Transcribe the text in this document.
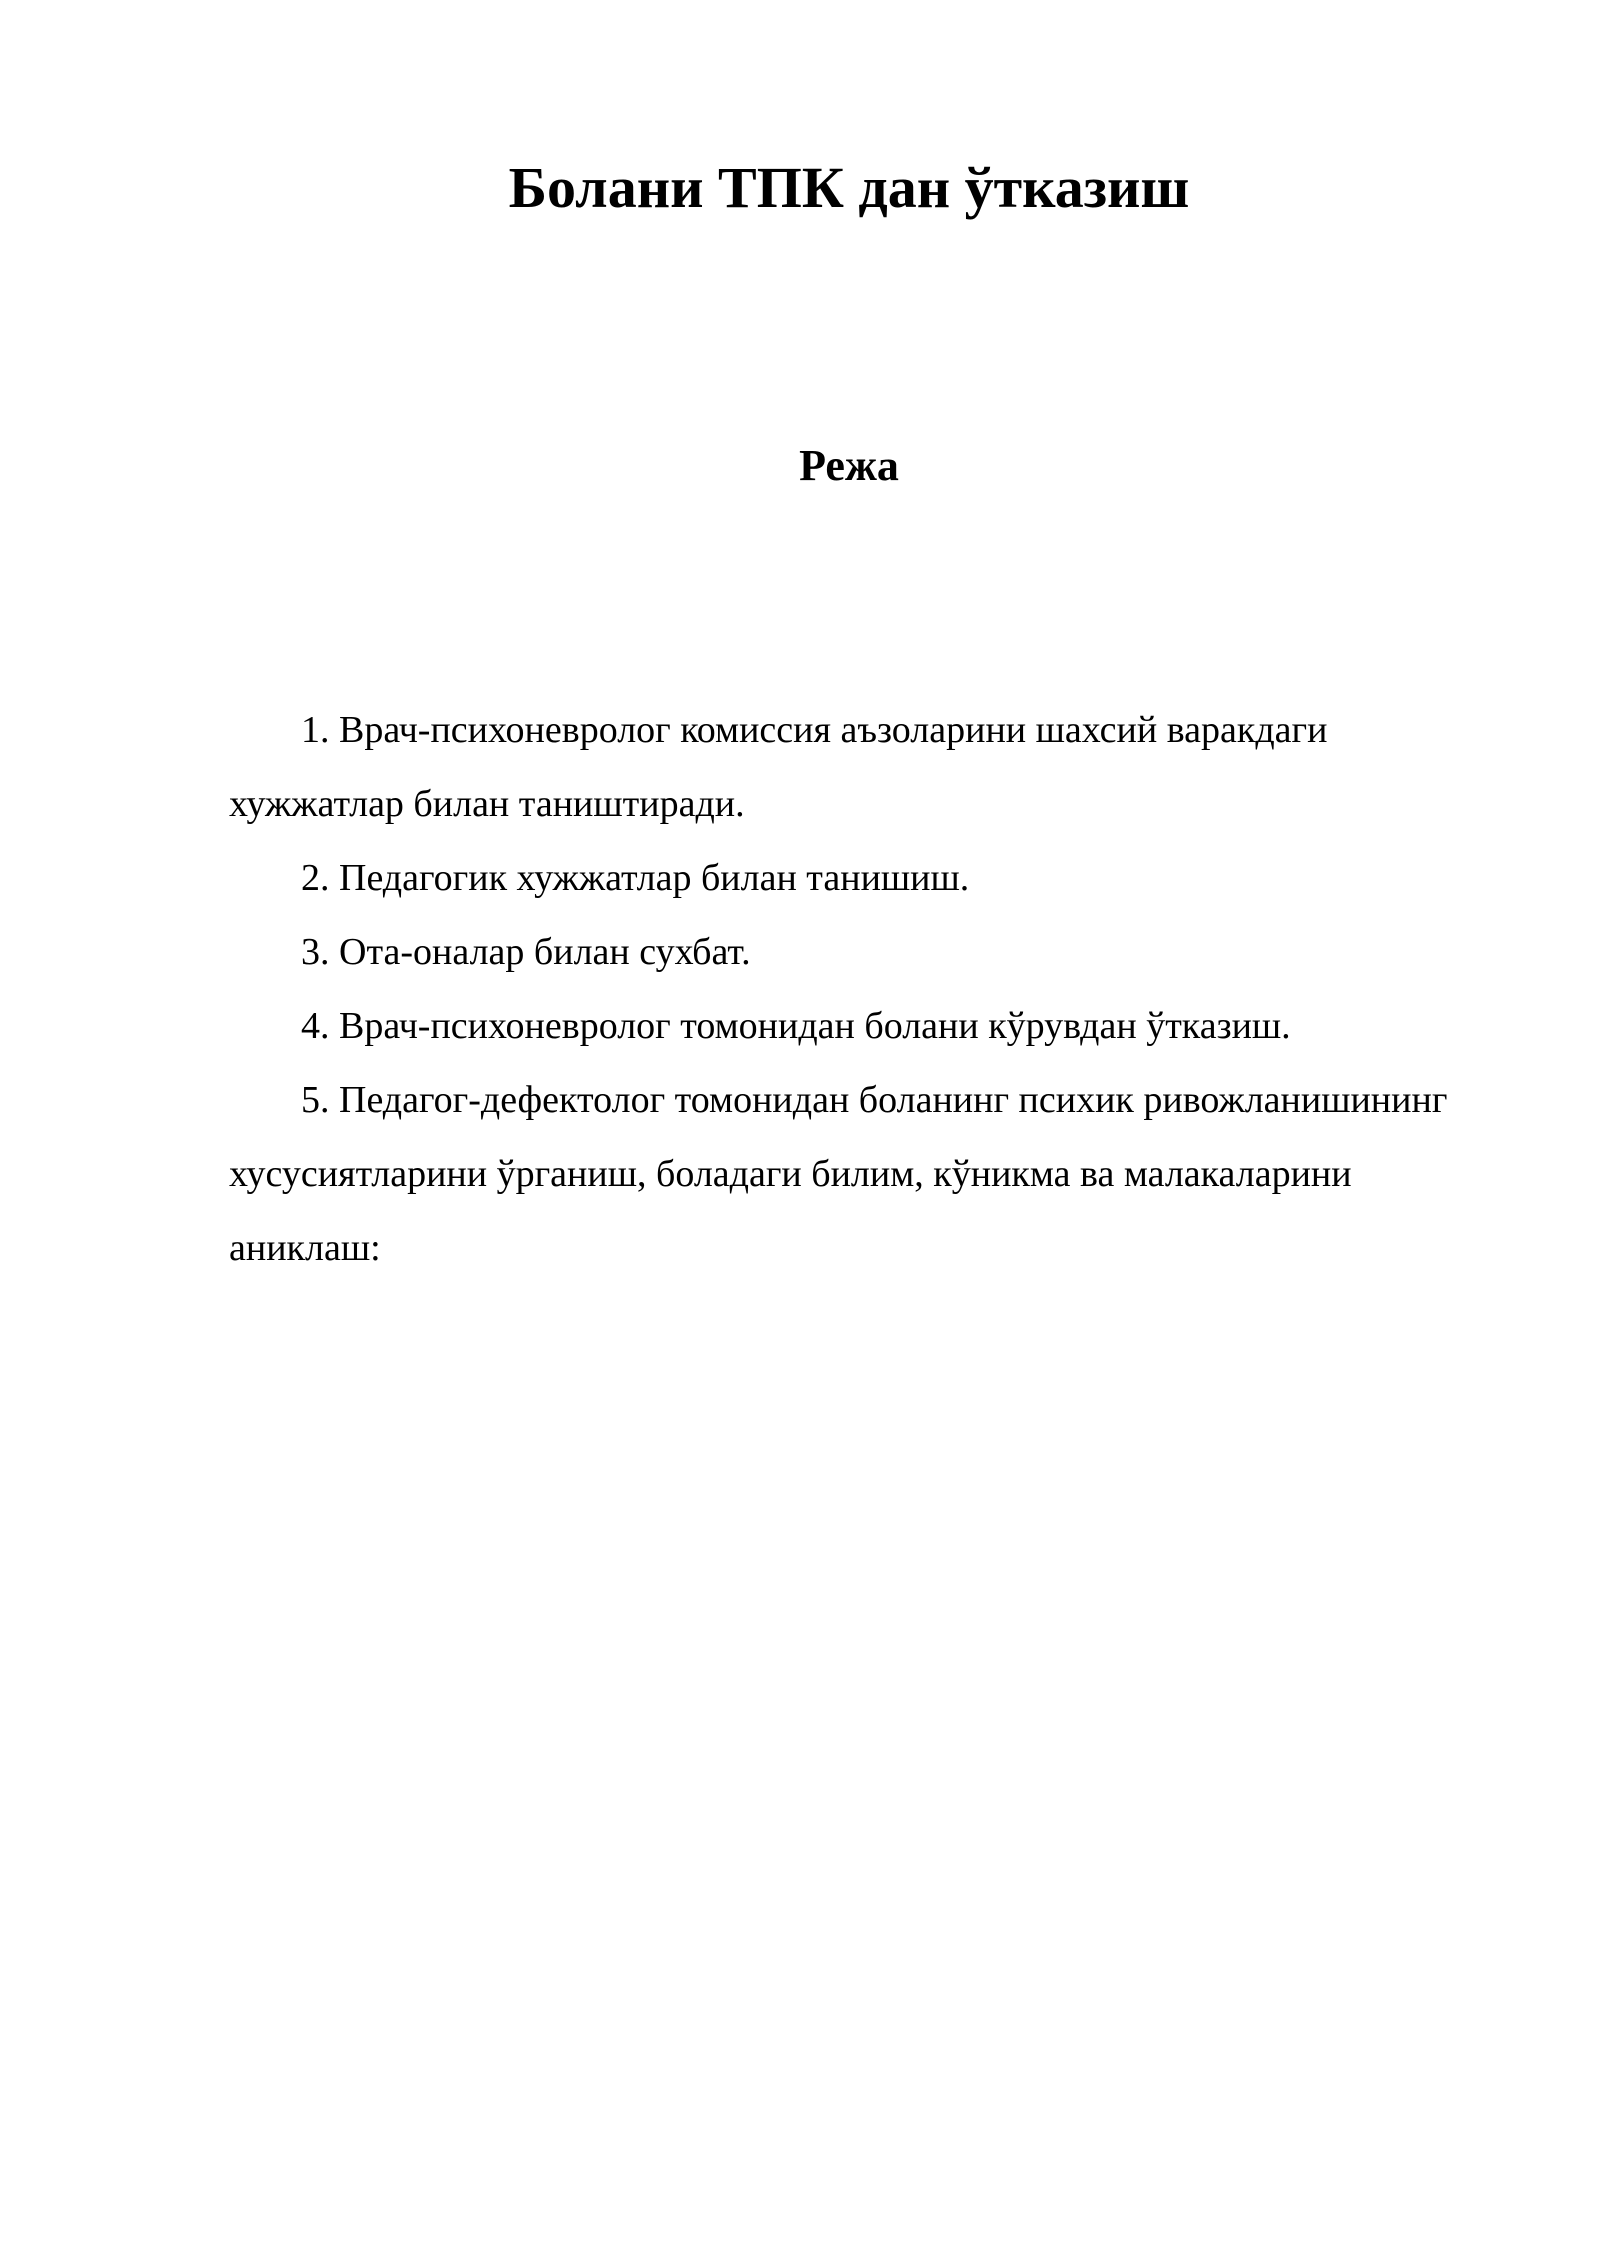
Болани ТПК дан ўтказиш
Режа
1. Врач-психоневролог комиссия аъзоларини шахсий варакдаги хужжатлар билан таништиради.
2. Педагогик хужжатлар билан танишиш.
3. Ота-оналар билан сухбат.
4. Врач-психоневролог томонидан болани кўрувдан ўтказиш.
5. Педагог-дефектолог томонидан боланинг психик ривожланишининг хусусиятларини ўрганиш, боладаги билим, кўникма ва малакаларини аниклаш:
